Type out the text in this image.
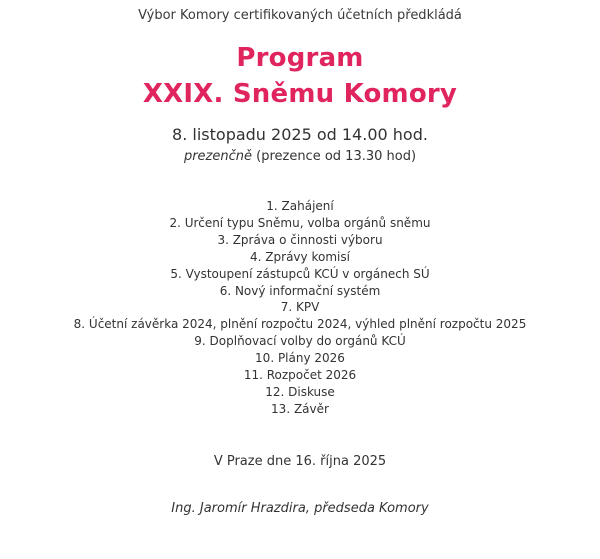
Výbor Komory certifikovaných účetních předkládá
Program
XXIX. Sněmu Komory
8. listopadu 2025 od 14.00 hod.
prezenčně (prezence od 13.30 hod)
1. Zahájení
2. Určení typu Sněmu, volba orgánů sněmu
3. Zpráva o činnosti výboru
4. Zprávy komisí
5. Vystoupení zástupců KCÚ v orgánech SÚ
6. Nový informační systém
7. KPV
8. Účetní závěrka 2024, plnění rozpočtu 2024, výhled plnění rozpočtu 2025
9. Doplňovací volby do orgánů KCÚ
10. Plány 2026
11. Rozpočet 2026
12. Diskuse
13. Závěr
V Praze dne 16. října 2025
Ing. Jaromír Hrazdira, předseda Komory
